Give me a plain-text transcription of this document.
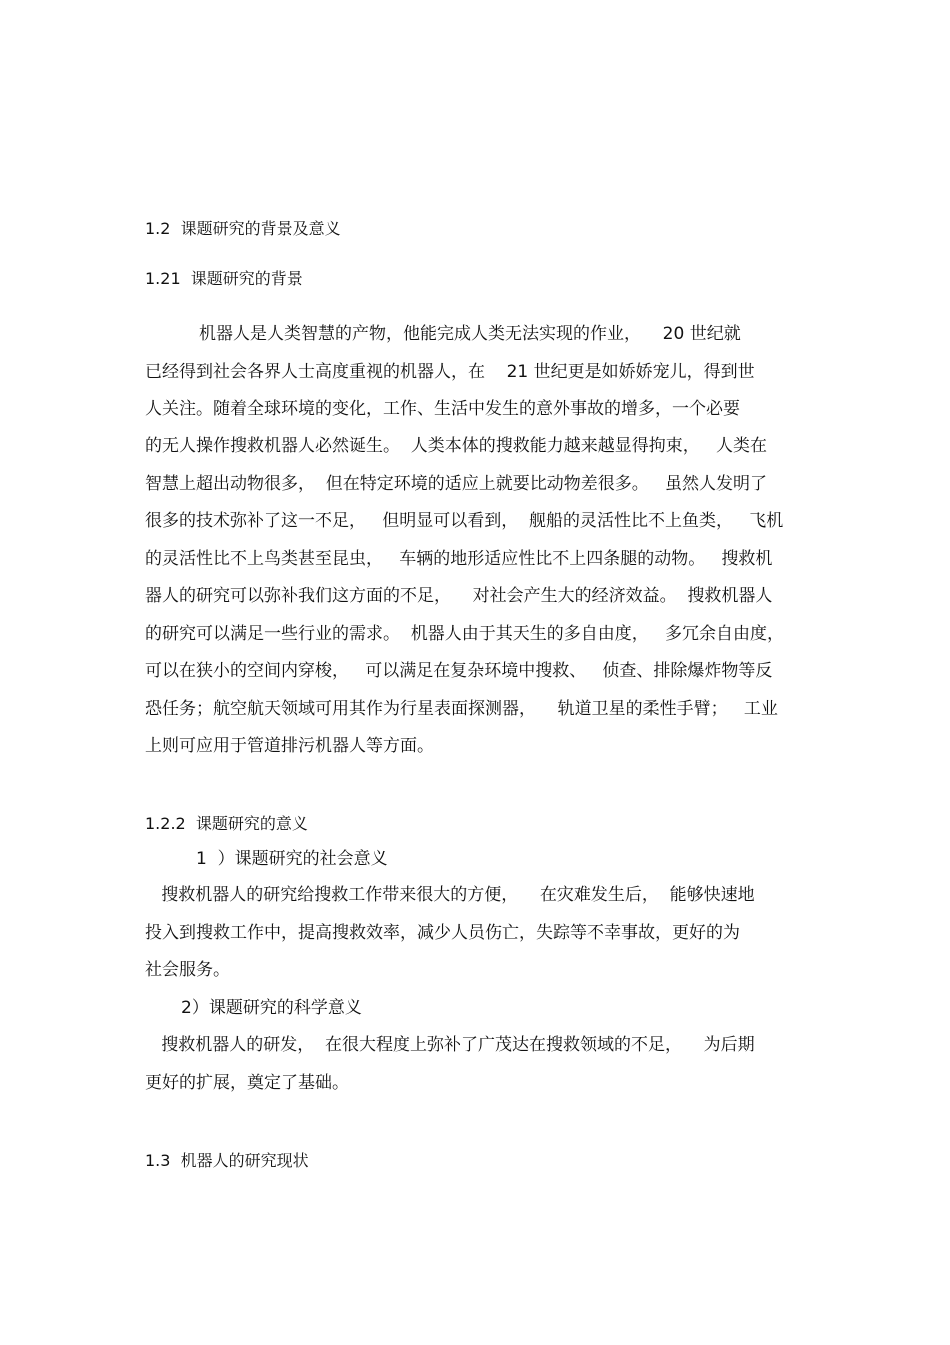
1.2  课题研究的背景及意义
1.21  课题研究的背景
机器人是人类智慧的产物，他能完成人类无法实现的作业，    20 世纪就
已经得到社会各界人士高度重视的机器人，在    21 世纪更是如娇娇宠儿，得到世
人关注。随着全球环境的变化，工作、生活中发生的意外事故的增多，一个必要
的无人操作搜救机器人必然诞生。  人类本体的搜救能力越来越显得拘束，   人类在
智慧上超出动物很多，  但在特定环境的适应上就要比动物差很多。   虽然人发明了
很多的技术弥补了这一不足，   但明显可以看到，  舰船的灵活性比不上鱼类，   飞机
的灵活性比不上鸟类甚至昆虫，   车辆的地形适应性比不上四条腿的动物。   搜救机
器人的研究可以弥补我们这方面的不足，    对社会产生大的经济效益。  搜救机器人
的研究可以满足一些行业的需求。  机器人由于其天生的多自由度，   多冗余自由度，
可以在狭小的空间内穿梭，   可以满足在复杂环境中搜救、   侦查、排除爆炸物等反
恐任务；航空航天领域可用其作为行星表面探测器，    轨道卫星的柔性手臂；   工业
上则可应用于管道排污机器人等方面。
1.2.2  课题研究的意义
1  ）课题研究的社会意义
搜救机器人的研究给搜救工作带来很大的方便，    在灾难发生后，  能够快速地
投入到搜救工作中，提高搜救效率，减少人员伤亡，失踪等不幸事故，更好的为
社会服务。
2）课题研究的科学意义
搜救机器人的研发，  在很大程度上弥补了广茂达在搜救领域的不足，    为后期
更好的扩展，奠定了基础。
1.3  机器人的研究现状
